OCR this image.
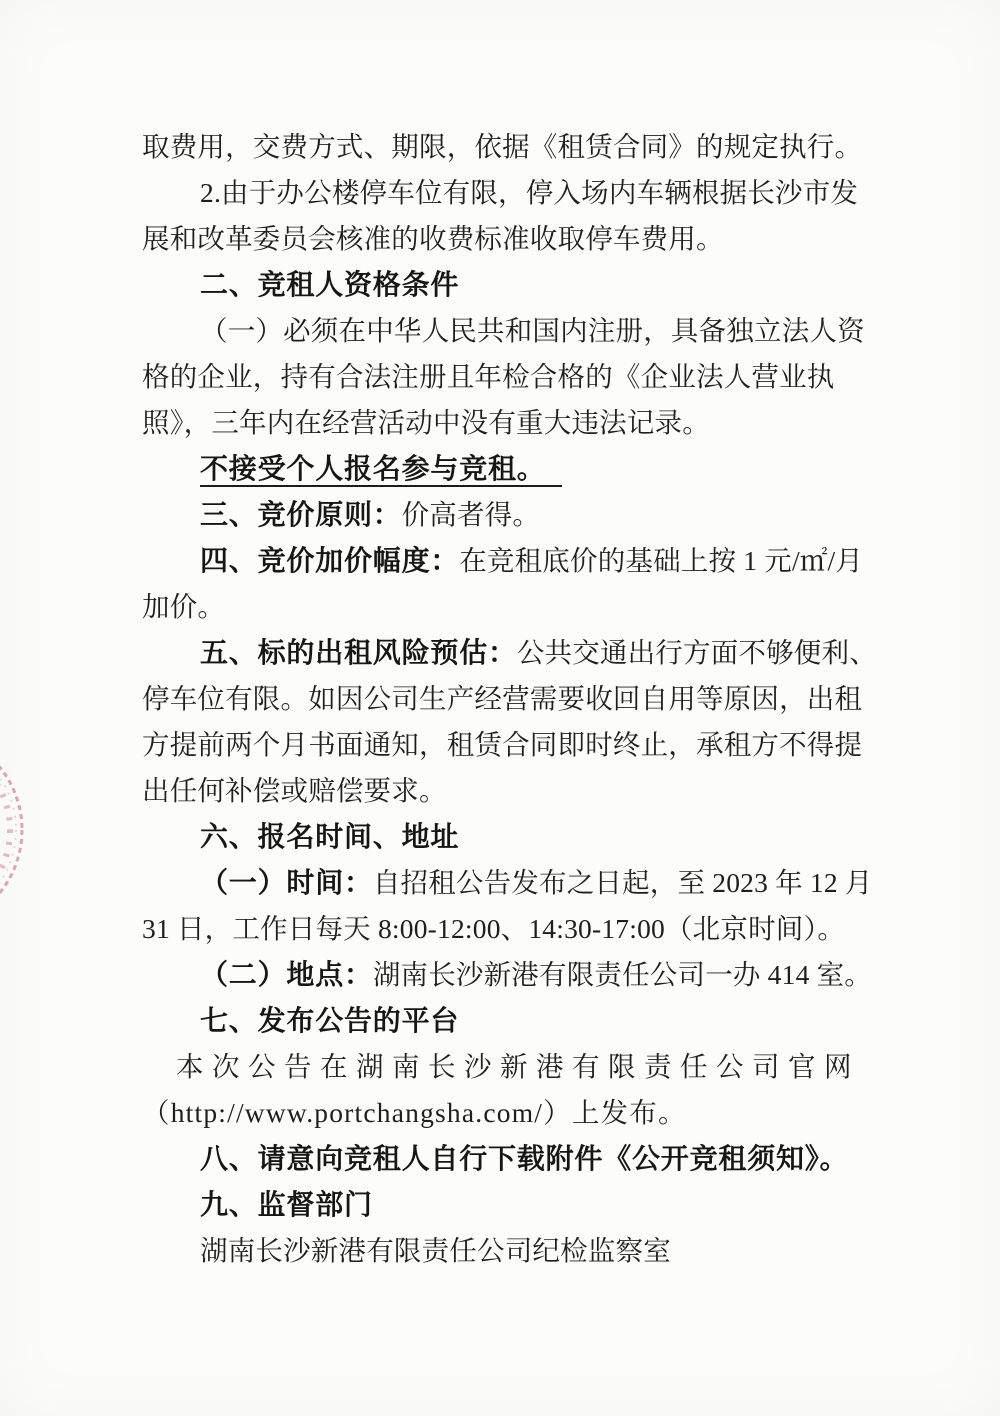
取费用，交费方式、期限，依据《租赁合同》的规定执行。
2.由于办公楼停车位有限，停入场内车辆根据长沙市发
展和改革委员会核准的收费标准收取停车费用。
二、竞租人资格条件
（一）必须在中华人民共和国内注册，具备独立法人资
格的企业，持有合法注册且年检合格的《企业法人营业执
照》，三年内在经营活动中没有重大违法记录。
不接受个人报名参与竞租。
三、竞价原则：价高者得。
四、竞价加价幅度：在竞租底价的基础上按 1 元/㎡/月
加价。
五、标的出租风险预估：公共交通出行方面不够便利、
停车位有限。如因公司生产经营需要收回自用等原因，出租
方提前两个月书面通知，租赁合同即时终止，承租方不得提
出任何补偿或赔偿要求。
六、报名时间、地址
（一）时间：自招租公告发布之日起，至 2023 年 12 月
31 日，工作日每天 8:00-12:00、14:30-17:00（北京时间）。
（二）地点：湖南长沙新港有限责任公司一办 414 室。
七、发布公告的平台
本次公告在湖南长沙新港有限责任公司官网
（http://www.portchangsha.com/）上发布。
八、请意向竞租人自行下载附件《公开竞租须知》。
九、监督部门
湖南长沙新港有限责任公司纪检监察室
